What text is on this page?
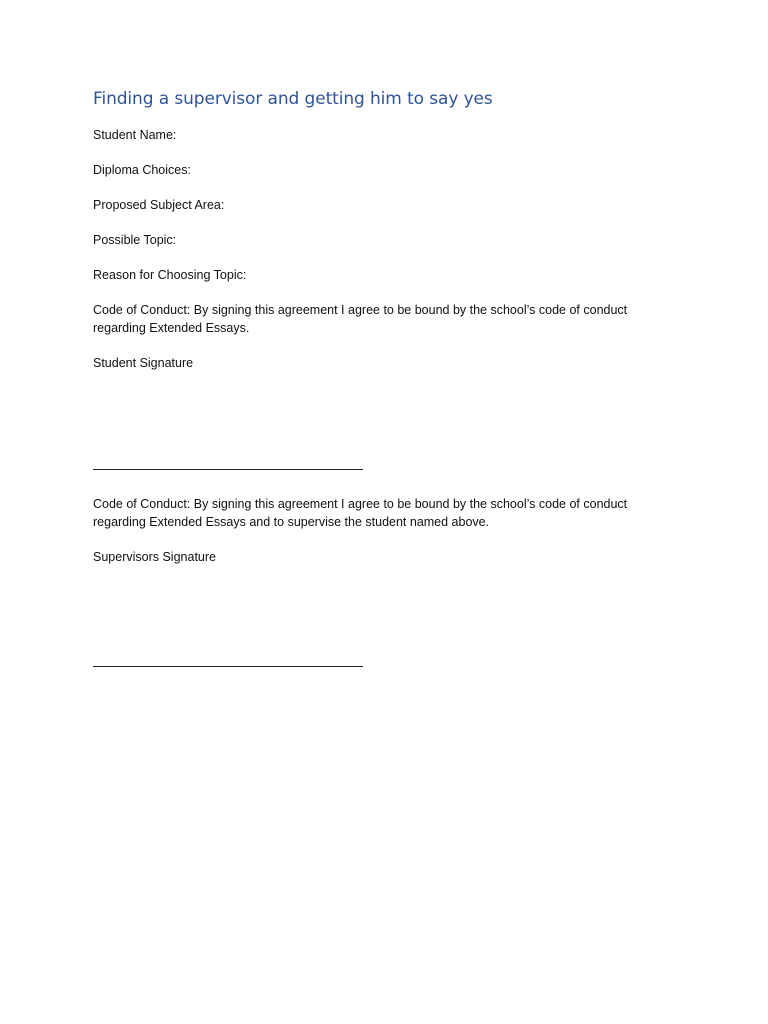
Finding a supervisor and getting him to say yes

Student Name:

Diploma Choices:

Proposed Subject Area:

Possible Topic:

Reason for Choosing Topic:

Code of Conduct: By signing this agreement I agree to be bound by the school’s code of conduct regarding Extended Essays.

Student Signature

Code of Conduct: By signing this agreement I agree to be bound by the school’s code of conduct regarding Extended Essays and to supervise the student named above.

Supervisors Signature
